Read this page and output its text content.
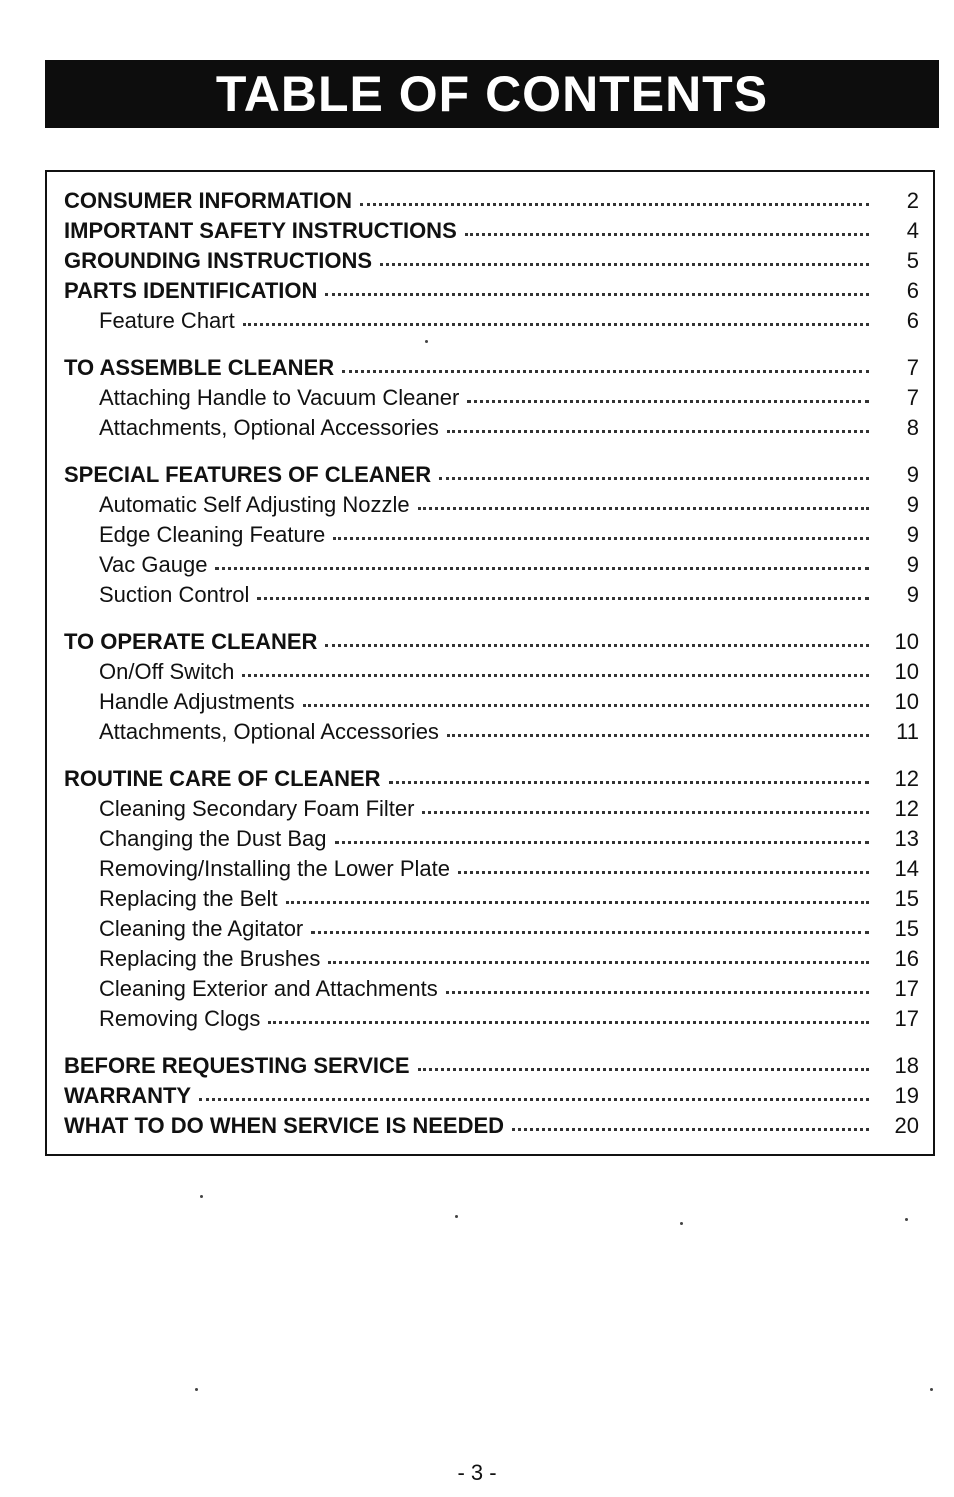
TABLE OF CONTENTS
CONSUMER INFORMATION	2
IMPORTANT SAFETY INSTRUCTIONS	4
GROUNDING INSTRUCTIONS	5
PARTS IDENTIFICATION	6
Feature Chart	6
TO ASSEMBLE CLEANER	7
Attaching Handle to Vacuum Cleaner	7
Attachments, Optional Accessories	8
SPECIAL FEATURES OF CLEANER	9
Automatic Self Adjusting Nozzle	9
Edge Cleaning Feature	9
Vac Gauge	9
Suction Control	9
TO OPERATE CLEANER	10
On/Off Switch	10
Handle Adjustments	10
Attachments, Optional Accessories	11
ROUTINE CARE OF CLEANER	12
Cleaning Secondary Foam Filter	12
Changing the Dust Bag	13
Removing/Installing the Lower Plate	14
Replacing the Belt	15
Cleaning the Agitator	15
Replacing the Brushes	16
Cleaning Exterior and Attachments	17
Removing Clogs	17
BEFORE REQUESTING SERVICE	18
WARRANTY	19
WHAT TO DO WHEN SERVICE IS NEEDED	20
- 3 -
